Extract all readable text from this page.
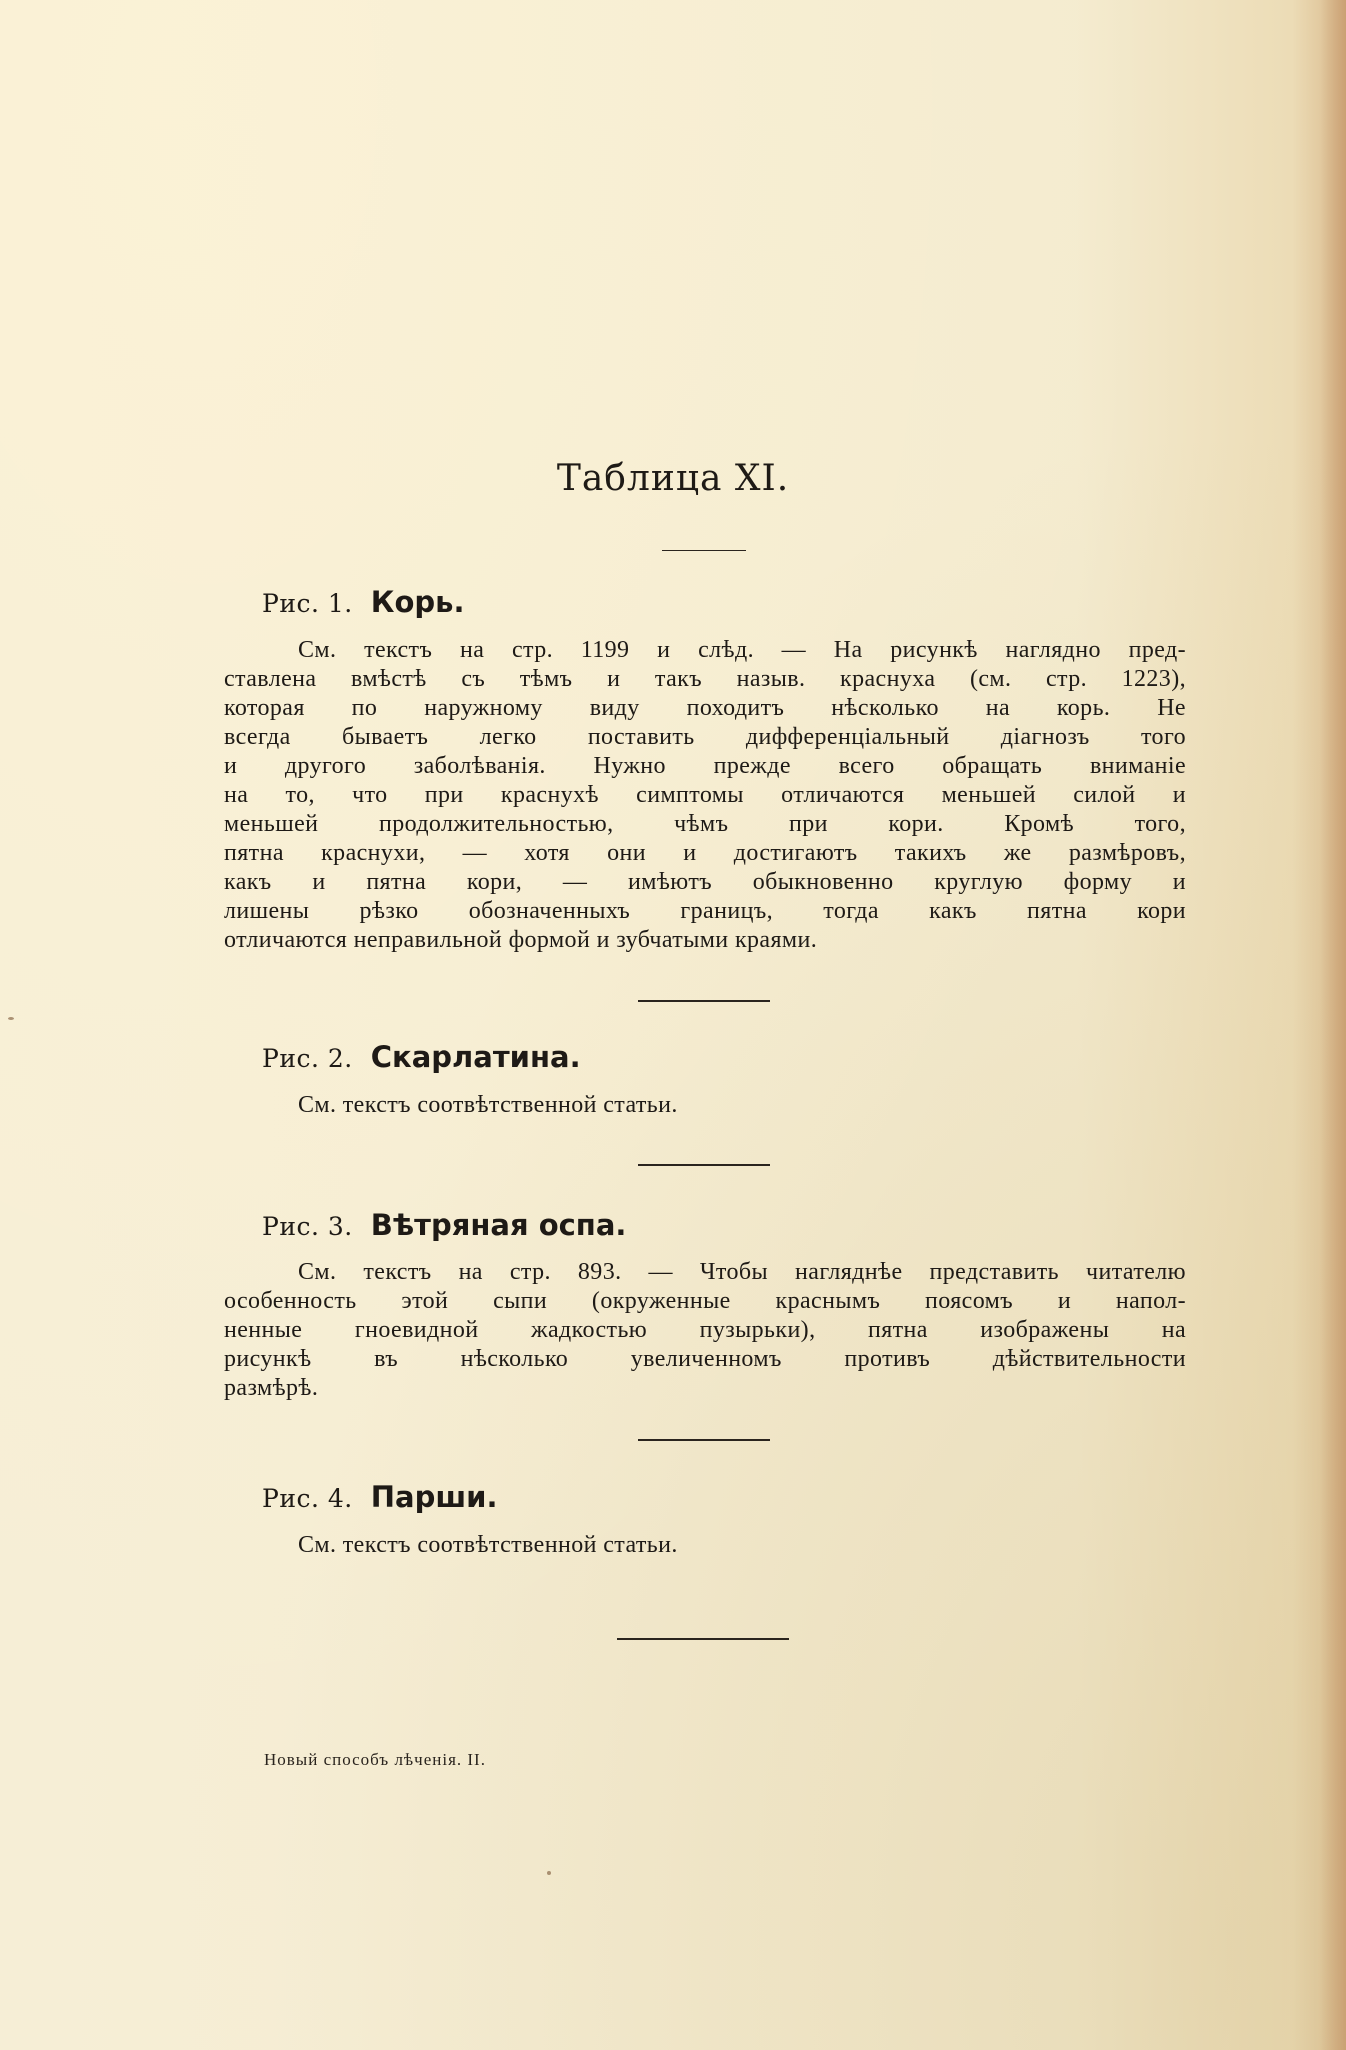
Таблица XI.
Рис. 1. Корь.

См. текстъ на стр. 1199 и слѣд. — На рисункѣ наглядно пред-

ставлена вмѣстѣ съ тѣмъ и такъ назыв. краснуха (см. стр. 1223),

которая по наружному виду походитъ нѣсколько на корь. Не

всегда бываетъ легко поставить дифференціальный діагнозъ того

и другого заболѣванія. Нужно прежде всего обращать вниманіе

на то, что при краснухѣ симптомы отличаются меньшей силой и

меньшей продолжительностью, чѣмъ при кори. Кромѣ того,

пятна краснухи, — хотя они и достигаютъ такихъ же размѣровъ,

какъ и пятна кори, — имѣютъ обыкновенно круглую форму и

лишены рѣзко обозначенныхъ границъ, тогда какъ пятна кори

отличаются неправильной формой и зубчатыми краями.

Рис. 2. Скарлатина.

См. текстъ соотвѣтственной статьи.

Рис. 3. Вѣтряная оспа.

См. текстъ на стр. 893. — Чтобы нагляднѣе представить читателю

особенность этой сыпи (окруженные краснымъ поясомъ и напол-

ненные гноевидной жадкостью пузырьки), пятна изображены на

рисункѣ въ нѣсколько увеличенномъ противъ дѣйствительности

размѣрѣ.

Рис. 4. Парши.

См. текстъ соотвѣтственной статьи.

Новый способъ лѣченія. II.
